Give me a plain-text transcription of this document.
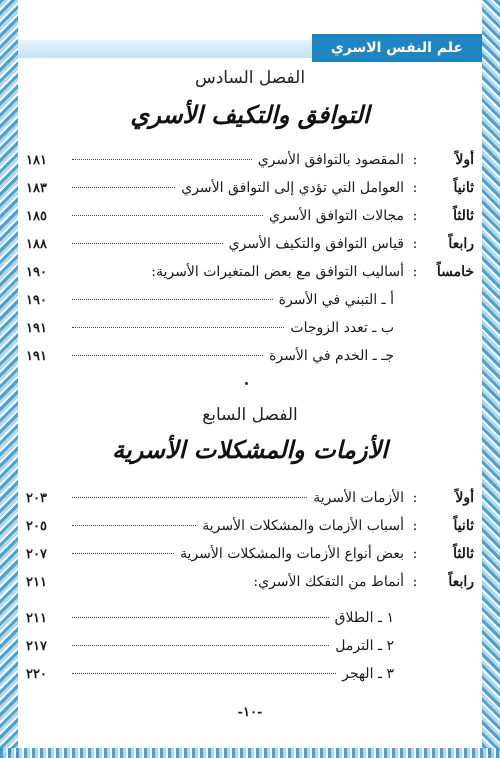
علم النفس الاسري
الفصل السادس
التوافق والتكيف الأسري
أولاً
:
المقصود بالتوافق الأسري
١٨١
ثانياً
:
العوامل التي تؤدي إلى التوافق الأسري
١٨٣
ثالثاً
:
مجالات التوافق الأسري
١٨٥
رابعاً
:
قياس التوافق والتكيف الأسري
١٨٨
خامساً
:
أساليب التوافق مع بعض المتغيرات الأسرية:
١٩٠
أ ـ التبني في الأسرة
١٩٠
ب ـ تعدد الزوجات
١٩١
جـ ـ الخدم في الأسرة
١٩١
الفصل السابع
الأزمات والمشكلات الأسرية
أولاً
:
الأزمات الأسرية
٢٠٣
ثانياً
:
أسباب الأزمات والمشكلات الأسرية
٢٠٥
ثالثاً
:
بعض أنواع الأزمات والمشكلات الأسرية
٢٠٧
رابعاً
:
أنماط من التفكك الأسري:
٢١١
١ ـ الطلاق
٢١١
٢ ـ الترمل
٢١٧
٣ ـ الهجر
٢٢٠
-١٠-
